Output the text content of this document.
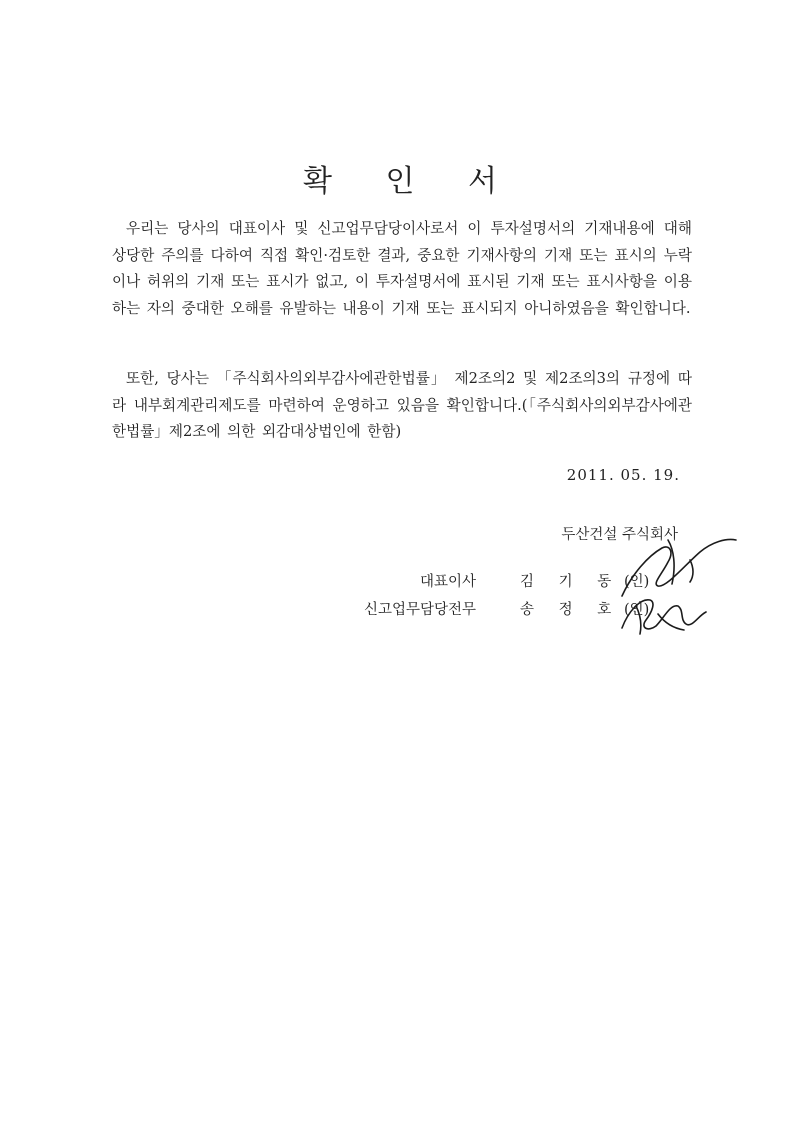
확 인 서

우리는 당사의 대표이사 및 신고업무담당이사로서 이 투자설명서의 기재내용에 대해 상당한 주의를 다하여 직접 확인·검토한 결과, 중요한 기재사항의 기재 또는 표시의 누락이나 허위의 기재 또는 표시가 없고, 이 투자설명서에 표시된 기재 또는 표시사항을 이용하는 자의 중대한 오해를 유발하는 내용이 기재 또는 표시되지 아니하였음을 확인합니다.

또한, 당사는 「주식회사의외부감사에관한법률」 제2조의2 및 제2조의3의 규정에 따라 내부회계관리제도를 마련하여 운영하고 있음을 확인합니다.(「주식회사의외부감사에관한법률」제2조에 의한 외감대상법인에 한함)

2011. 05. 19.
두산건설 주식회사
대표이사	김 기 동 (인)
신고업무담당전무	송 정 호 (인)
